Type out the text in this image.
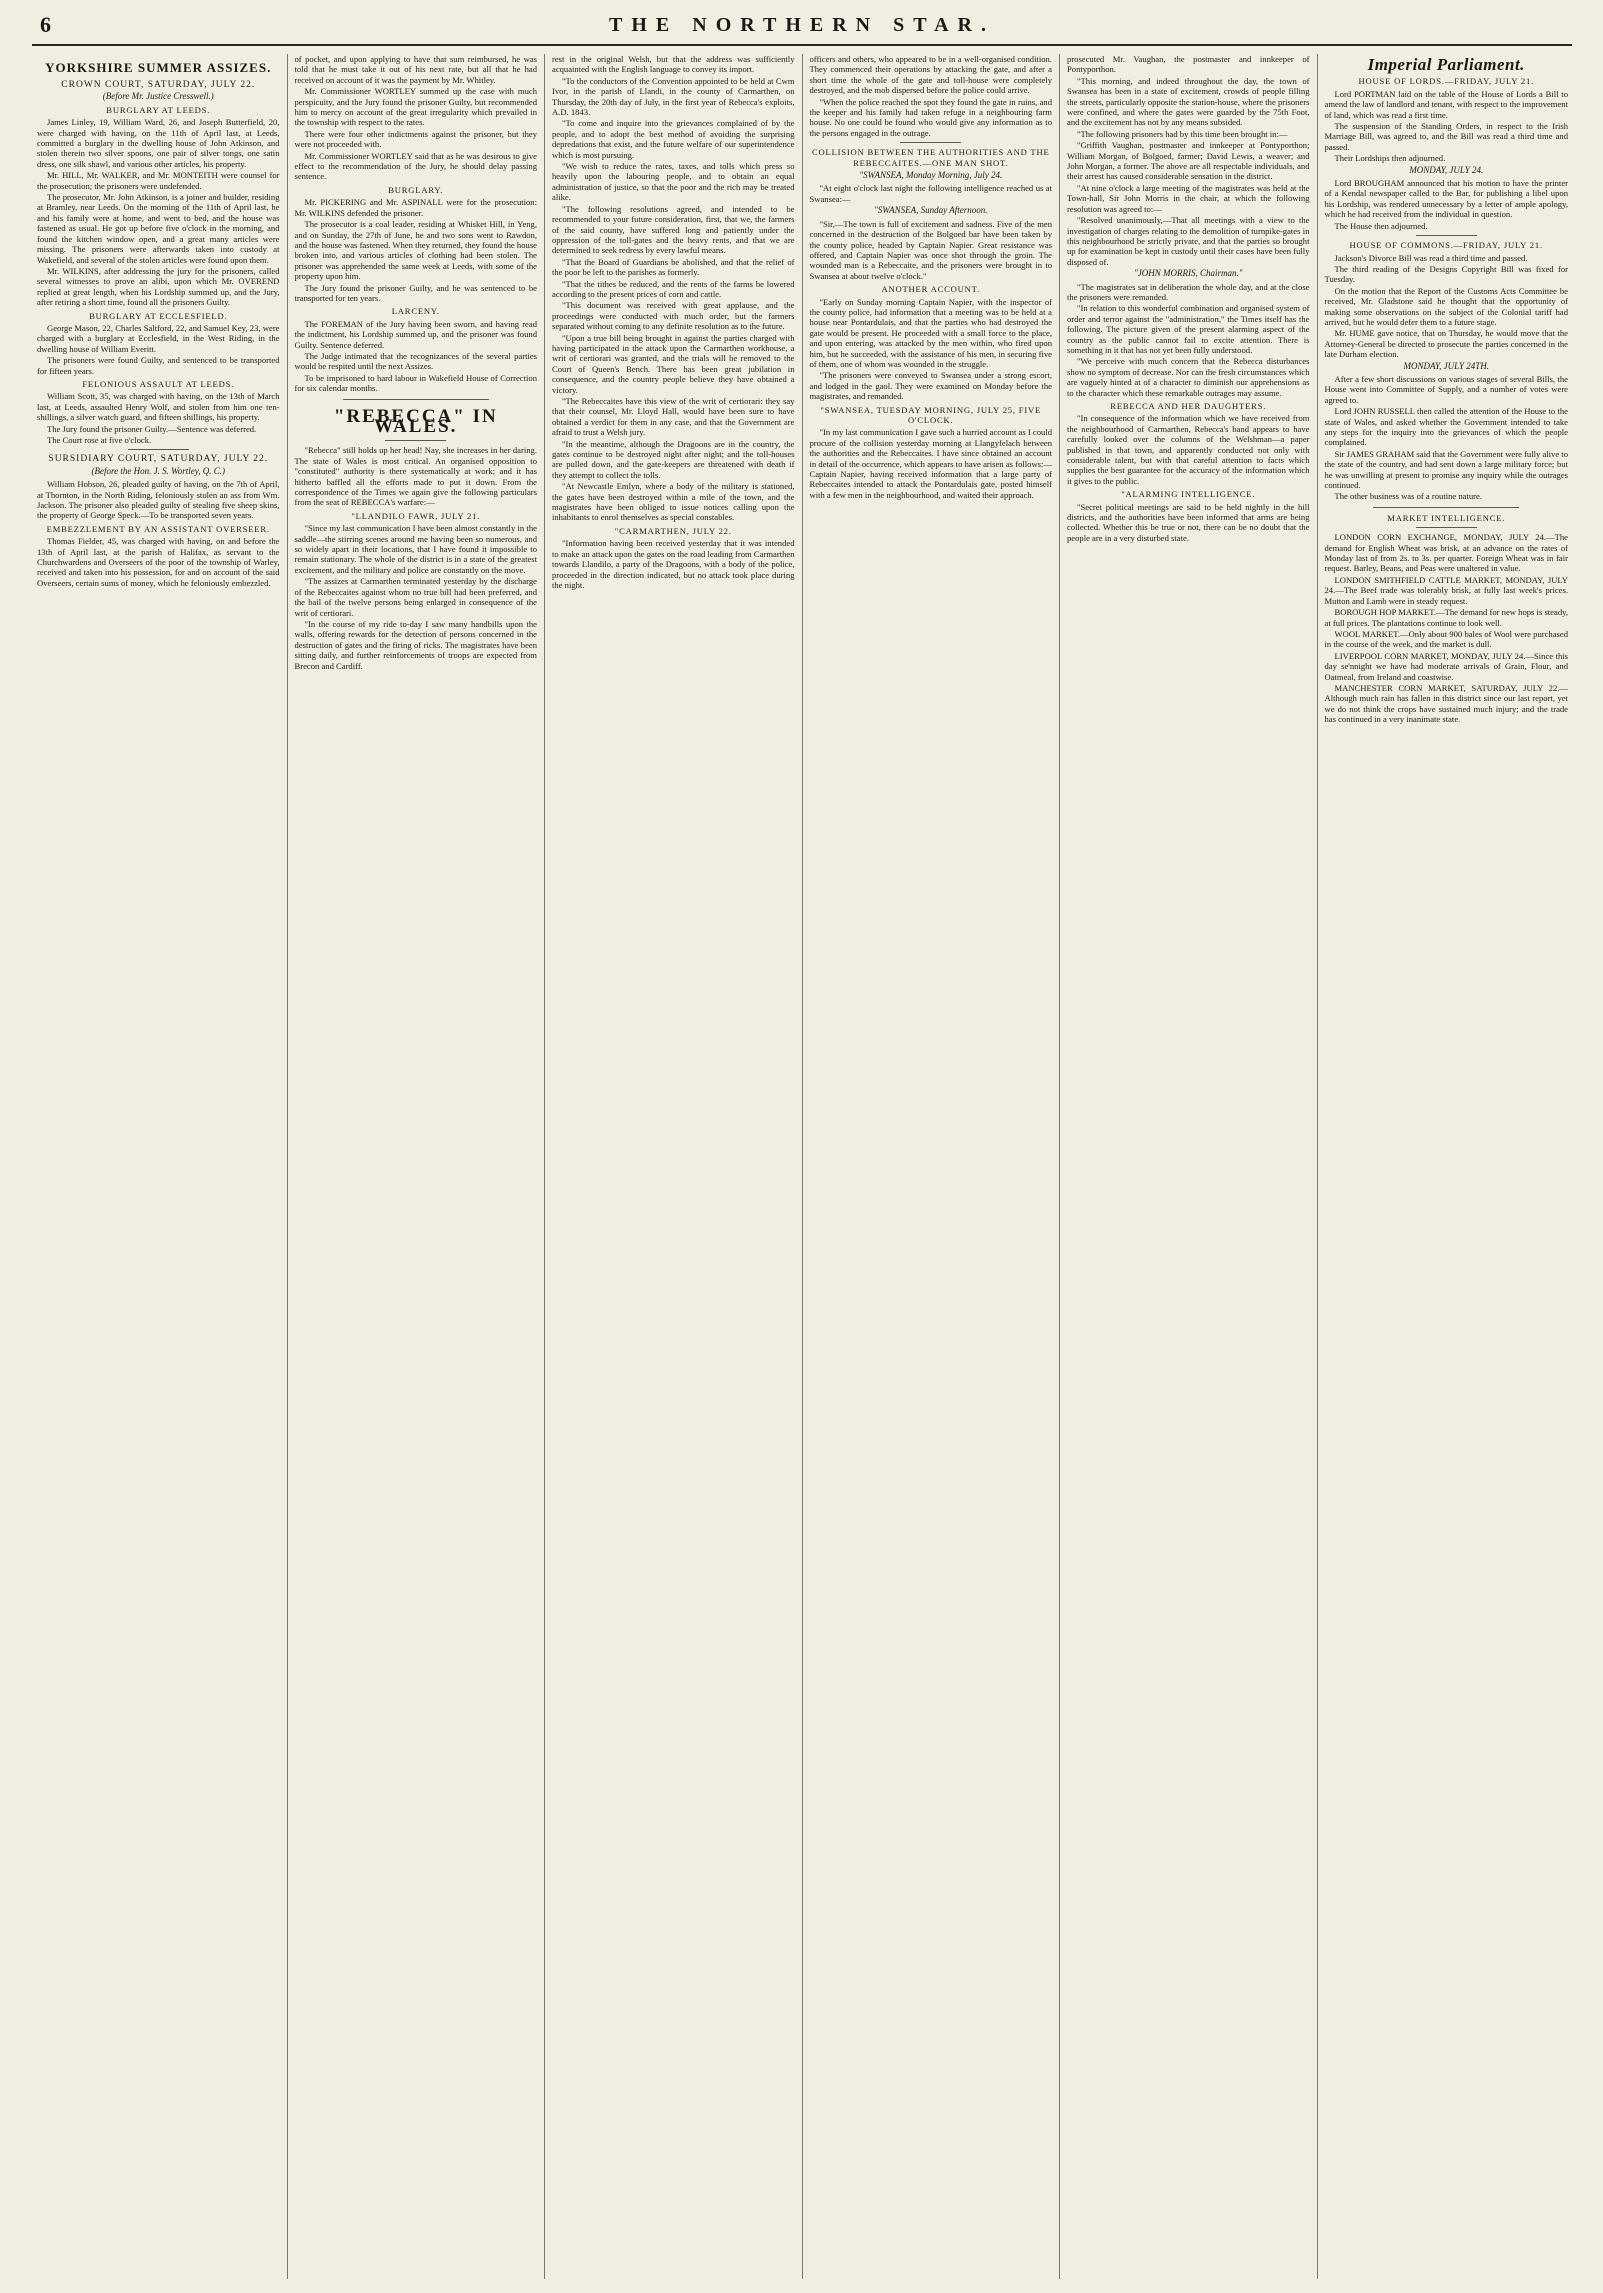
6	THE NORTHERN STAR.
YORKSHIRE SUMMER ASSIZES.
CROWN COURT, SATURDAY, JULY 22.
(Before Mr. Justice Cresswell.)
BURGLARY AT LEEDS.

James Linley, 19, William Ward, 26, and Joseph Butterfield, 20, were charged with having, on the 11th of April last, at Leeds, committed a burglary in the dwelling house of John Atkinson, and stolen therein two silver spoons, one pair of silver tongs, one satin dress, one silk shawl, and various other articles, his property.

Mr. HILL, Mr. WALKER, and Mr. MONTEITH were counsel for the prosecution; the prisoners were undefended.

The prosecutor, Mr. John Atkinson, is a joiner and builder, residing at Bramley, near Leeds. On the morning of the 11th of April last, he and his family were at home, and went to bed, and the house was fastened as usual. He got up before five o'clock in the morning, and found the kitchen window open, and a great many articles were missing. The prisoners were afterwards taken into custody at Wakefield, and several of the stolen articles were found upon them.

Mr. WILKINS, after addressing the jury for the prisoners, called several witnesses to prove an alibi, upon which Mr. OVEREND replied at great length, when his Lordship summed up, and the Jury, after retiring a short time, found all the prisoners Guilty.

BURGLARY AT ECCLESFIELD.

George Mason, 22, Charles Saltford, 22, and Samuel Key, 23, were charged with a burglary at Ecclesfield, in the West Riding, in the dwelling house of William Everitt.

The prisoners were found Guilty, and sentenced to be transported for fifteen years.

FELONIOUS ASSAULT AT LEEDS.

William Scott, 35, was charged with having, on the 13th of March last, at Leeds, assaulted Henry Wolf, and stolen from him one ten-shillings, a silver watch guard, and fifteen shillings, his property.

The Jury found the prisoner Guilty.—Sentence was deferred.

The Court rose at five o'clock.

SURSIDIARY COURT, SATURDAY, JULY 22.
(Before the Hon. J. S. Wortley, Q. C.)

William Hobson, 26, pleaded guilty of having, on the 7th of April, at Thornton, in the North Riding, feloniously stolen an ass from Wm. Jackson. The prisoner also pleaded guilty of stealing five sheep skins, the property of George Speck.—To be transported seven years.

EMBEZZLEMENT BY AN ASSISTANT OVERSEER.

Thomas Fielder, 45, was charged with having, on and before the 13th of April last, at the parish of Halifax, as servant to the Churchwardens and Overseers of the poor of the township of Warley, received and taken into his possession, for and on account of the said Overseers, certain sums of money, which he feloniously embezzled.

of pocket, and upon applying to have that sum reimbursed, he was told that he must take it out of his next rate, but all that he had received on account of it was the payment by Mr. Whitley.

Mr. Commissioner WORTLEY summed up the case with much perspicuity, and the Jury found the prisoner Guilty, but recommended him to mercy on account of the great irregularity which prevailed in the township with respect to the rates.

There were four other indictments against the prisoner, but they were not proceeded with.

Mr. Commissioner WORTLEY said that as he was desirous to give effect to the recommendation of the Jury, he should delay passing sentence.

BURGLARY.

Mr. PICKERING and Mr. ASPINALL were for the prosecution: Mr. WILKINS defended the prisoner.

The prosecutor is a coal leader, residing at Whisket Hill, in Yeng, and on Sunday, the 27th of June, he and two sons went to Rawdon, and the house was fastened. When they returned, they found the house broken into, and various articles of clothing had been stolen. The prisoner was apprehended the same week at Leeds, with some of the property upon him.

The Jury found the prisoner Guilty, and he was sentenced to be transported for ten years.

LARCENY.

The FOREMAN of the Jury having been sworn, and having read the indictment, his Lordship summed up, and the prisoner was found Guilty. Sentence deferred.

The Judge intimated that the recognizances of the several parties would be respited until the next Assizes.

To be imprisoned to hard labour in Wakefield House of Correction for six calendar months.

"REBECCA" IN WALES.

"Rebecca" still holds up her head! Nay, she increases in her daring. The state of Wales is most critical. An organised opposition to "constituted" authority is there systematically at work; and it has hitherto baffled all the efforts made to put it down. From the correspondence of the Times we again give the following particulars from the seat of REBECCA's warfare:—

"LLANDILO FAWR, JULY 21.

"Since my last communication I have been almost constantly in the saddle—the stirring scenes around me having been so numerous, and so widely apart in their locations, that I have found it impossible to remain stationary. The whole of the district is in a state of the greatest excitement, and the military and police are constantly on the move.

"The assizes at Carmarthen terminated yesterday by the discharge of the Rebeccaites against whom no true bill had been preferred, and the bail of the twelve persons being enlarged in consequence of the writ of certiorari.

"In the course of my ride to-day I saw many handbills upon the walls, offering rewards for the detection of persons concerned in the destruction of gates and the firing of ricks. The magistrates have been sitting daily, and further reinforcements of troops are expected from Brecon and Cardiff.

rest in the original Welsh, but that the address was sufficiently acquainted with the English language to convey its import.

"To the conductors of the Convention appointed to be held at Cwm Ivor, in the parish of Llandi, in the county of Carmarthen, on Thursday, the 20th day of July, in the first year of Rebecca's exploits, A.D. 1843.

"To come and inquire into the grievances complained of by the people, and to adopt the best method of avoiding the surprising depredations that exist, and the future welfare of our superintendence which is most pursuing.

"We wish to reduce the rates, taxes, and tolls which press so heavily upon the labouring people, and to obtain an equal administration of justice, so that the poor and the rich may be treated alike.

"The following resolutions agreed, and intended to be recommended to your future consideration, first, that we, the farmers of the said county, have suffered long and patiently under the oppression of the toll-gates and the heavy rents, and that we are determined to seek redress by every lawful means.

"That the Board of Guardians be abolished, and that the relief of the poor be left to the parishes as formerly.

"That the tithes be reduced, and the rents of the farms be lowered according to the present prices of corn and cattle.

"This document was received with great applause, and the proceedings were conducted with much order, but the farmers separated without coming to any definite resolution as to the future.

"Upon a true bill being brought in against the parties charged with having participated in the attack upon the Carmarthen workhouse, a writ of certiorari was granted, and the trials will be removed to the Court of Queen's Bench. There has been great jubilation in consequence, and the country people believe they have obtained a victory.

"The Rebeccaites have this view of the writ of certiorari: they say that their counsel, Mr. Lloyd Hall, would have been sure to have obtained a verdict for them in any case, and that the Government are afraid to trust a Welsh jury.

"In the meantime, although the Dragoons are in the country, the gates continue to be destroyed night after night; and the toll-houses are pulled down, and the gate-keepers are threatened with death if they attempt to collect the tolls.

"At Newcastle Emlyn, where a body of the military is stationed, the gates have been destroyed within a mile of the town, and the magistrates have been obliged to issue notices calling upon the inhabitants to enrol themselves as special constables.

"CARMARTHEN, JULY 22.

"Information having been received yesterday that it was intended to make an attack upon the gates on the road leading from Carmarthen towards Llandilo, a party of the Dragoons, with a body of the police, proceeded in the direction indicated, but no attack took place during the night.

officers and others, who appeared to be in a well-organised condition. They commenced their operations by attacking the gate, and after a short time the whole of the gate and toll-house were completely destroyed, and the mob dispersed before the police could arrive.

"When the police reached the spot they found the gate in ruins, and the keeper and his family had taken refuge in a neighbouring farm house. No one could be found who would give any information as to the persons engaged in the outrage.

COLLISION BETWEEN THE AUTHORITIES AND THE REBECCAITES.—ONE MAN SHOT.
"SWANSEA, Monday Morning, July 24.

"At eight o'clock last night the following intelligence reached us at Swansea:—

"SWANSEA, Sunday Afternoon.

"Sir,—The town is full of excitement and sadness. Five of the men concerned in the destruction of the Bolgoed bar have been taken by the county police, headed by Captain Napier. Great resistance was offered, and Captain Napier was once shot through the groin. The wounded man is a Rebeccaite, and the prisoners were brought in to Swansea at about twelve o'clock."

ANOTHER ACCOUNT.

"Early on Sunday morning Captain Napier, with the inspector of the county police, had information that a meeting was to be held at a house near Pontardulais, and that the parties who had destroyed the gate would be present. He proceeded with a small force to the place, and upon entering, was attacked by the men within, who fired upon him, but he succeeded, with the assistance of his men, in securing five of them, one of whom was wounded in the struggle.

"The prisoners were conveyed to Swansea under a strong escort, and lodged in the gaol. They were examined on Monday before the magistrates, and remanded.

"SWANSEA, TUESDAY MORNING, JULY 25, FIVE O'CLOCK.

"In my last communication I gave such a hurried account as I could procure of the collision yesterday morning at Llangyfelach between the authorities and the Rebeccaites. I have since obtained an account in detail of the occurrence, which appears to have arisen as follows:—Captain Napier, having received information that a large party of Rebeccaites intended to attack the Pontardulais gate, posted himself with a few men in the neighbourhood, and waited their approach.

prosecuted Mr. Vaughan, the postmaster and innkeeper of Pontyporthon.

"This morning, and indeed throughout the day, the town of Swansea has been in a state of excitement, crowds of people filling the streets, particularly opposite the station-house, where the prisoners were confined, and where the gates were guarded by the 75th Foot, and the excitement has not by any means subsided.

"The following prisoners had by this time been brought in:—

"Griffith Vaughan, postmaster and innkeeper at Pontyporthon; William Morgan, of Bolgoed, farmer; David Lewis, a weaver; and John Morgan, a former. The above are all respectable individuals, and their arrest has caused considerable sensation in the district.

"At nine o'clock a large meeting of the magistrates was held at the Town-hall, Sir John Morris in the chair, at which the following resolution was agreed to:—

"Resolved unanimously,—That all meetings with a view to the investigation of charges relating to the demolition of turnpike-gates in this neighbourhood be strictly private, and that the parties so brought up for examination be kept in custody until their cases have been fully disposed of.

"JOHN MORRIS, Chairman."

"The magistrates sat in deliberation the whole day, and at the close the prisoners were remanded.

"In relation to this wonderful combination and organised system of order and terror against the "administration," the Times itself has the following. The picture given of the present alarming aspect of the country as the public cannot fail to excite attention. There is something in it that has not yet been fully understood.

"We perceive with much concern that the Rebecca disturbances show no symptom of decrease. Nor can the fresh circumstances which are vaguely hinted at of a character to diminish our apprehensions as to the character which these remarkable outrages may assume.

REBECCA AND HER DAUGHTERS.

"In consequence of the information which we have received from the neighbourhood of Carmarthen, Rebecca's band appears to have carefully looked over the columns of the Welshman—a paper published in that town, and apparently conducted not only with considerable talent, but with that careful attention to facts which supplies the best guarantee for the accuracy of the information which it gives to the public.

"ALARMING INTELLIGENCE.

"Secret political meetings are said to be held nightly in the hill districts, and the authorities have been informed that arms are being collected. Whether this be true or not, there can be no doubt that the people are in a very disturbed state.

Imperial Parliament.
HOUSE OF LORDS.—FRIDAY, JULY 21.

Lord PORTMAN laid on the table of the House of Lords a Bill to amend the law of landlord and tenant, with respect to the improvement of land, which was read a first time.

The suspension of the Standing Orders, in respect to the Irish Marriage Bill, was agreed to, and the Bill was read a third time and passed.

Their Lordships then adjourned.

MONDAY, JULY 24.

Lord BROUGHAM announced that his motion to have the printer of a Kendal newspaper called to the Bar, for publishing a libel upon his Lordship, was rendered unnecessary by a letter of ample apology, which he had received from the individual in question.

The House then adjourned.

HOUSE OF COMMONS.—FRIDAY, JULY 21.

Jackson's Divorce Bill was read a third time and passed.

The third reading of the Designs Copyright Bill was fixed for Tuesday.

On the motion that the Report of the Customs Acts Committee be received, Mr. Gladstone said he thought that the opportunity of making some observations on the subject of the Colonial tariff had arrived, but he would defer them to a future stage.

Mr. HUME gave notice, that on Thursday, he would move that the Attorney-General be directed to prosecute the parties concerned in the late Durham election.

MONDAY, JULY 24TH.

After a few short discussions on various stages of several Bills, the House went into Committee of Supply, and a number of votes were agreed to.

Lord JOHN RUSSELL then called the attention of the House to the state of Wales, and asked whether the Government intended to take any steps for the inquiry into the grievances of which the people complained.

Sir JAMES GRAHAM said that the Government were fully alive to the state of the country, and had sent down a large military force; but he was unwilling at present to promise any inquiry while the outrages continued.

The other business was of a routine nature.

MARKET INTELLIGENCE.

LONDON CORN EXCHANGE, MONDAY, JULY 24.—The demand for English Wheat was brisk, at an advance on the rates of Monday last of from 2s. to 3s. per quarter. Foreign Wheat was in fair request. Barley, Beans, and Peas were unaltered in value.

LONDON SMITHFIELD CATTLE MARKET, MONDAY, JULY 24.—The Beef trade was tolerably brisk, at fully last week's prices. Mutton and Lamb were in steady request.

BOROUGH HOP MARKET.—The demand for new hops is steady, at full prices. The plantations continue to look well.

WOOL MARKET.—Only about 900 bales of Wool were purchased in the course of the week, and the market is dull.

LIVERPOOL CORN MARKET, MONDAY, JULY 24.—Since this day se'nnight we have had moderate arrivals of Grain, Flour, and Oatmeal, from Ireland and coastwise.

MANCHESTER CORN MARKET, SATURDAY, JULY 22.—Although much rain has fallen in this district since our last report, yet we do not think the crops have sustained much injury; and the trade has continued in a very inanimate state.
